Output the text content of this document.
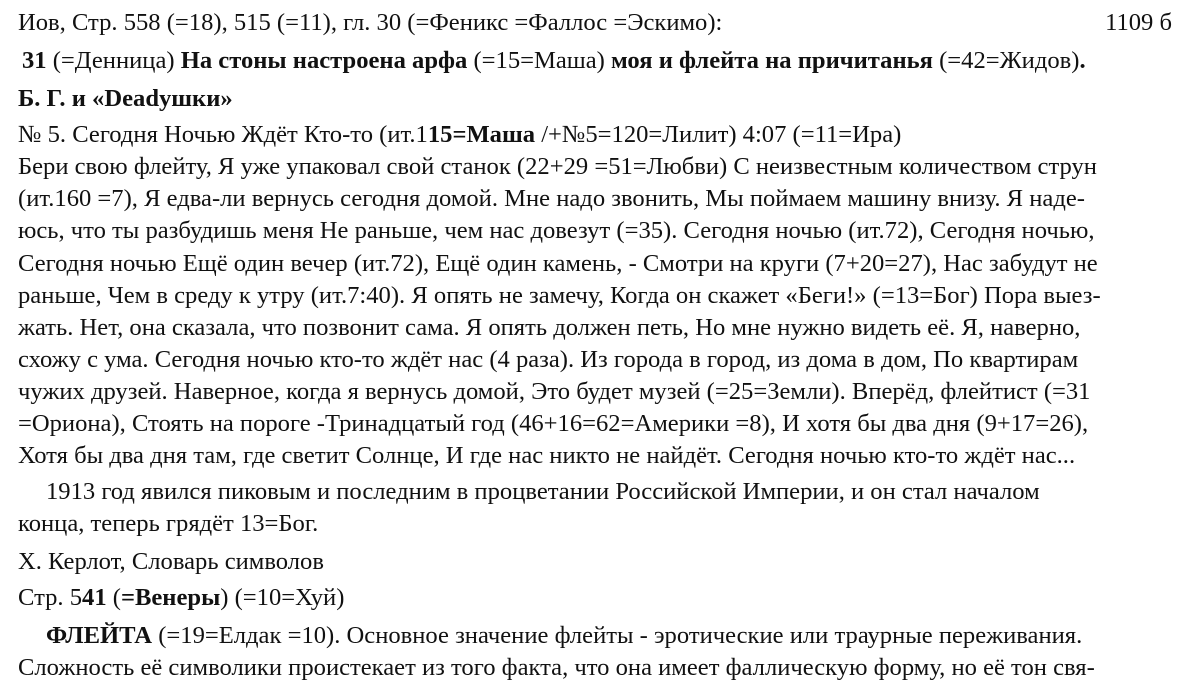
1109 б
Иов, Стр. 558 (=18), 515 (=11), гл. 30 (=Феникс =Фаллос =Эскимо):
31 (=Денница) На стоны настроена арфа (=15=Маша) моя и флейта на причитанья (=42=Жидов).
Б. Г. и «Deadушки»
№ 5. Сегодня Ночью Ждёт Кто-то (ит.115=Маша /+№5=120=Лилит) 4:07 (=11=Ира)
Бери свою флейту, Я уже упаковал свой станок (22+29 =51=Любви) С неизвестным количеством струн
(ит.160 =7), Я едва-ли вернусь сегодня домой. Мне надо звонить, Мы поймаем машину внизу. Я наде-
юсь, что ты разбудишь меня Не раньше, чем нас довезут (=35). Сегодня ночью (ит.72), Сегодня ночью,
Сегодня ночью Ещё один вечер (ит.72), Ещё один камень, - Смотри на круги (7+20=27), Нас забудут не
раньше, Чем в среду к утру (ит.7:40). Я опять не замечу, Когда он скажет «Беги!» (=13=Бог) Пора выез-
жать. Нет, она сказала, что позвонит сама. Я опять должен петь, Но мне нужно видеть её. Я, наверно,
схожу с ума. Сегодня ночью кто-то ждёт нас (4 раза). Из города в город, из дома в дом, По квартирам
чужих друзей. Наверное, когда я вернусь домой, Это будет музей (=25=Земли). Вперёд, флейтист (=31
=Ориона), Стоять на пороге -Тринадцатый год (46+16=62=Америки =8), И хотя бы два дня (9+17=26),
Хотя бы два дня там, где светит Солнце, И где нас никто не найдёт. Сегодня ночью кто-то ждёт нас...
1913 год явился пиковым и последним в процветании Российской Империи, и он стал началом
конца, теперь грядёт 13=Бог.
Х. Керлот, Словарь символов
Стр. 541 (=Венеры) (=10=Хуй)
ФЛЕЙТА (=19=Елдак =10). Основное значение флейты - эротические или траурные переживания.
Сложность её символики проистекает из того факта, что она имеет фаллическую форму, но её тон свя-
